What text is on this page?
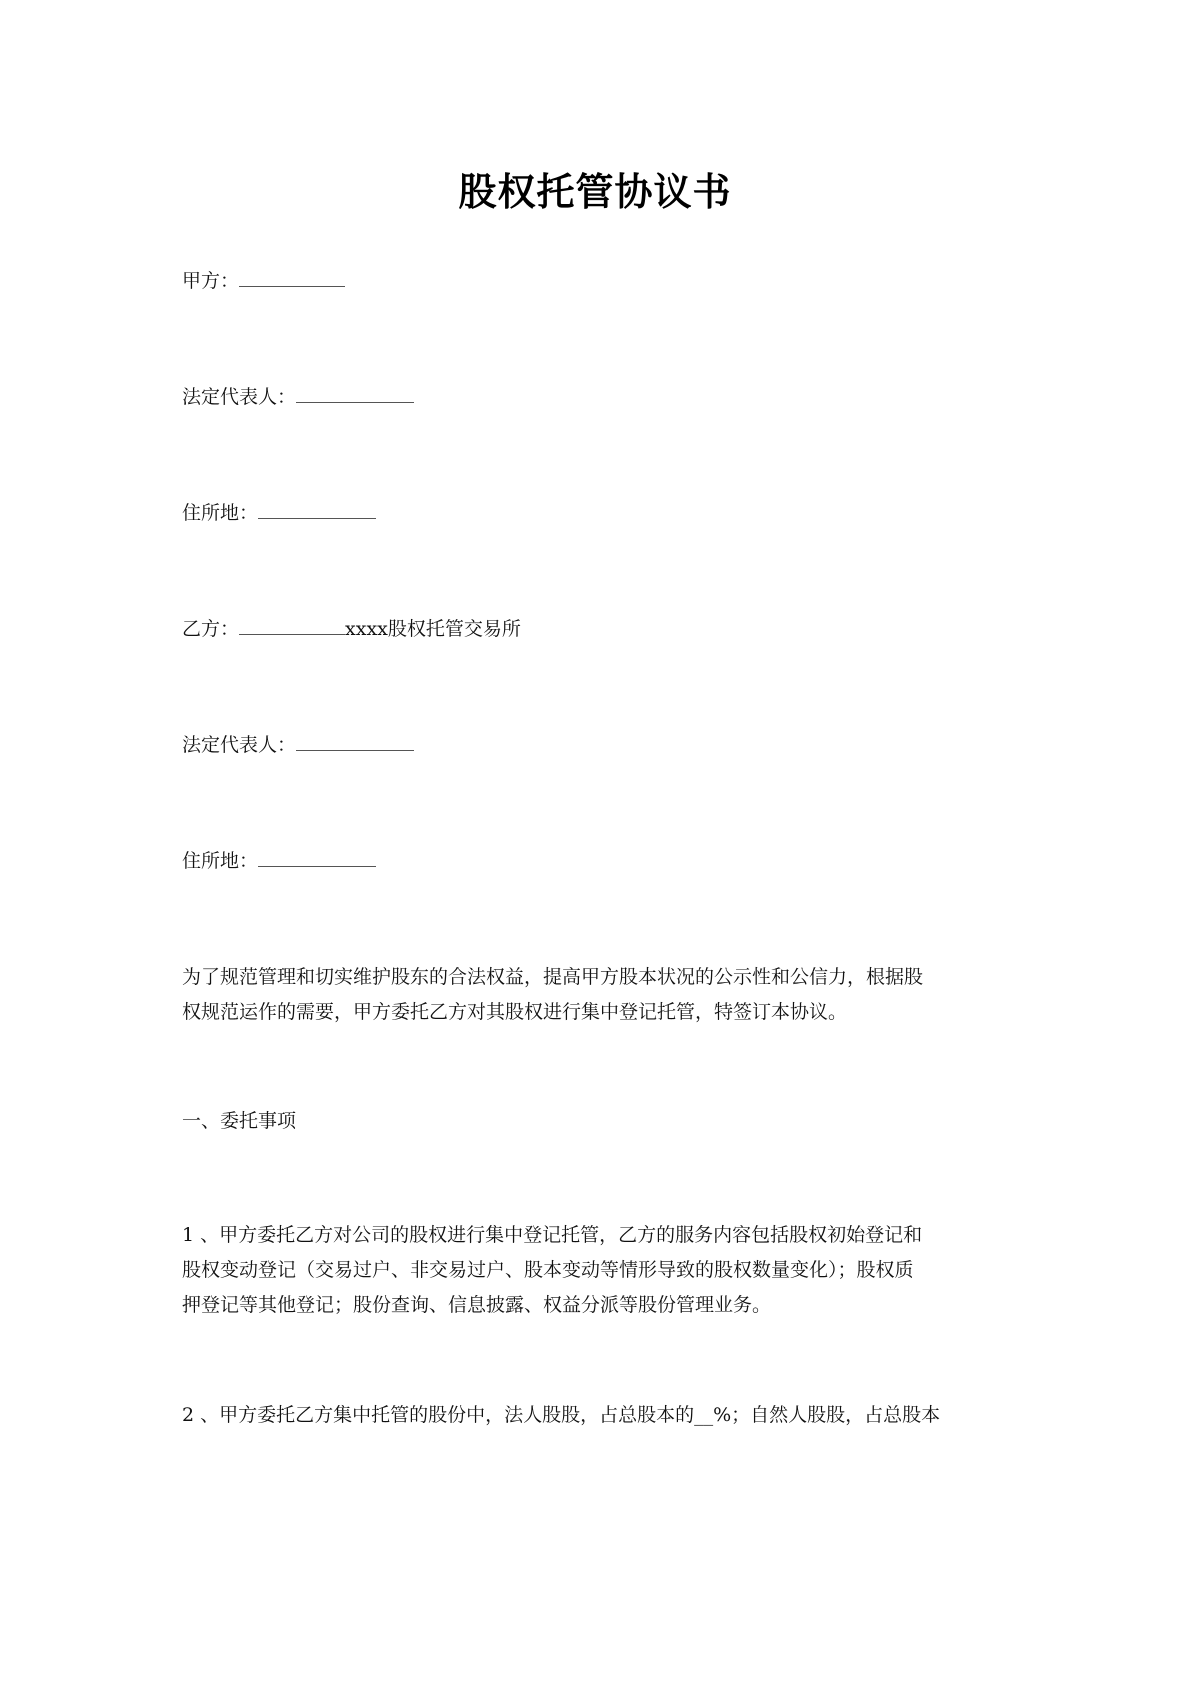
股权托管协议书
甲方：
法定代表人：
住所地：
乙方：	xxxx股权托管交易所
法定代表人：
住所地：
为了规范管理和切实维护股东的合法权益，提高甲方股本状况的公示性和公信力，根据股
权规范运作的需要，甲方委托乙方对其股权进行集中登记托管，特签订本协议。
一、委托事项
1 、甲方委托乙方对公司的股权进行集中登记托管，乙方的服务内容包括股权初始登记和
股权变动登记（交易过户、非交易过户、股本变动等情形导致的股权数量变化）；股权质
押登记等其他登记；股份查询、信息披露、权益分派等股份管理业务。
2 、甲方委托乙方集中托管的股份中，法人股股，占总股本的__%；自然人股股，占总股本
